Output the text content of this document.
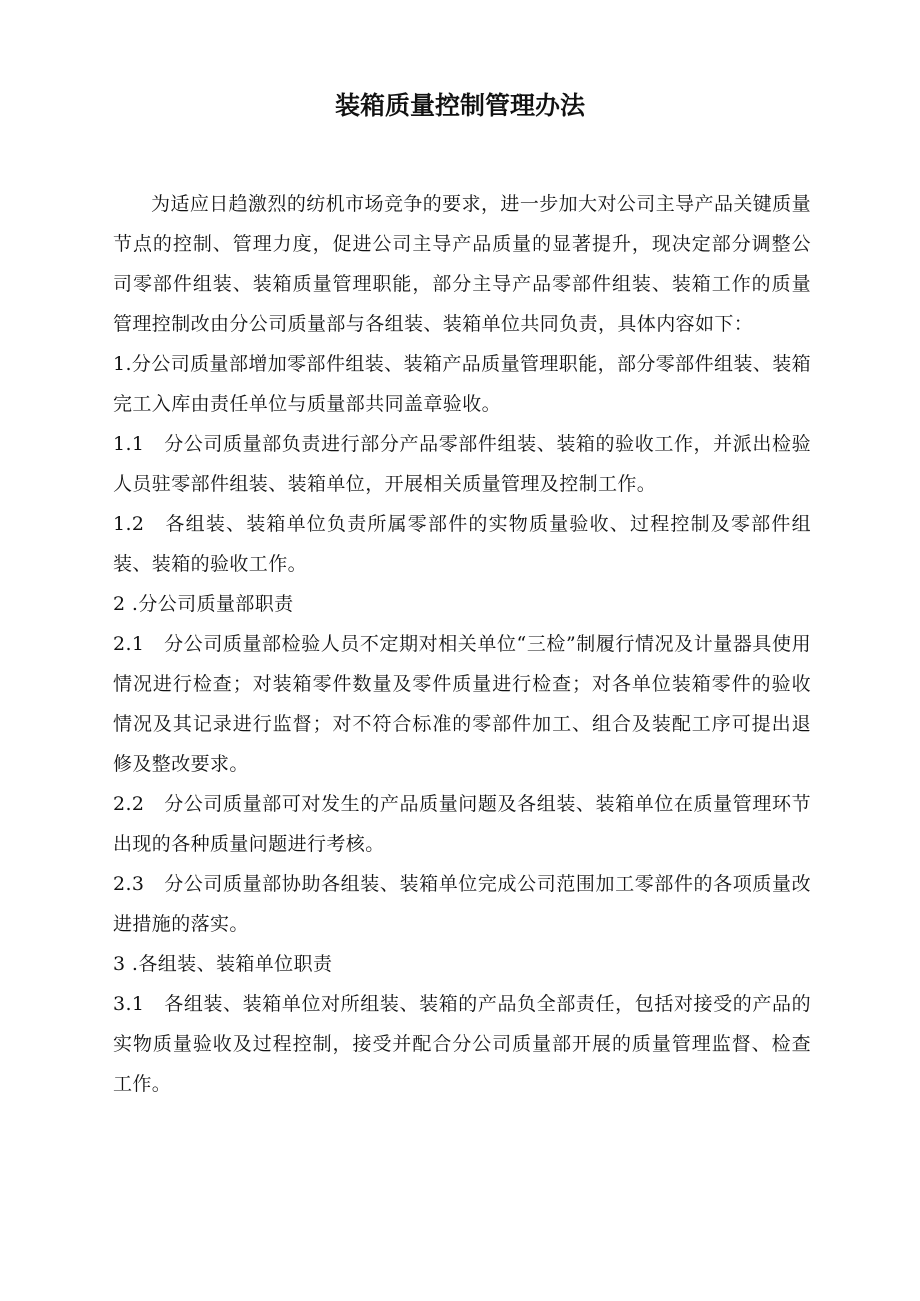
装箱质量控制管理办法

为适应日趋激烈的纺机市场竞争的要求，进一步加大对公司主导产品关键质量节点的控制、管理力度，促进公司主导产品质量的显著提升，现决定部分调整公司零部件组装、装箱质量管理职能，部分主导产品零部件组装、装箱工作的质量管理控制改由分公司质量部与各组装、装箱单位共同负责，具体内容如下：

1.分公司质量部增加零部件组装、装箱产品质量管理职能，部分零部件组装、装箱完工入库由责任单位与质量部共同盖章验收。

1.1　分公司质量部负责进行部分产品零部件组装、装箱的验收工作，并派出检验人员驻零部件组装、装箱单位，开展相关质量管理及控制工作。

1.2　各组装、装箱单位负责所属零部件的实物质量验收、过程控制及零部件组装、装箱的验收工作。

2 .分公司质量部职责

2.1　分公司质量部检验人员不定期对相关单位“三检”制履行情况及计量器具使用情况进行检查；对装箱零件数量及零件质量进行检查；对各单位装箱零件的验收情况及其记录进行监督；对不符合标准的零部件加工、组合及装配工序可提出退修及整改要求。

2.2　分公司质量部可对发生的产品质量问题及各组装、装箱单位在质量管理环节出现的各种质量问题进行考核。

2.3　分公司质量部协助各组装、装箱单位完成公司范围加工零部件的各项质量改进措施的落实。

3 .各组装、装箱单位职责

3.1　各组装、装箱单位对所组装、装箱的产品负全部责任，包括对接受的产品的实物质量验收及过程控制，接受并配合分公司质量部开展的质量管理监督、检查工作。
